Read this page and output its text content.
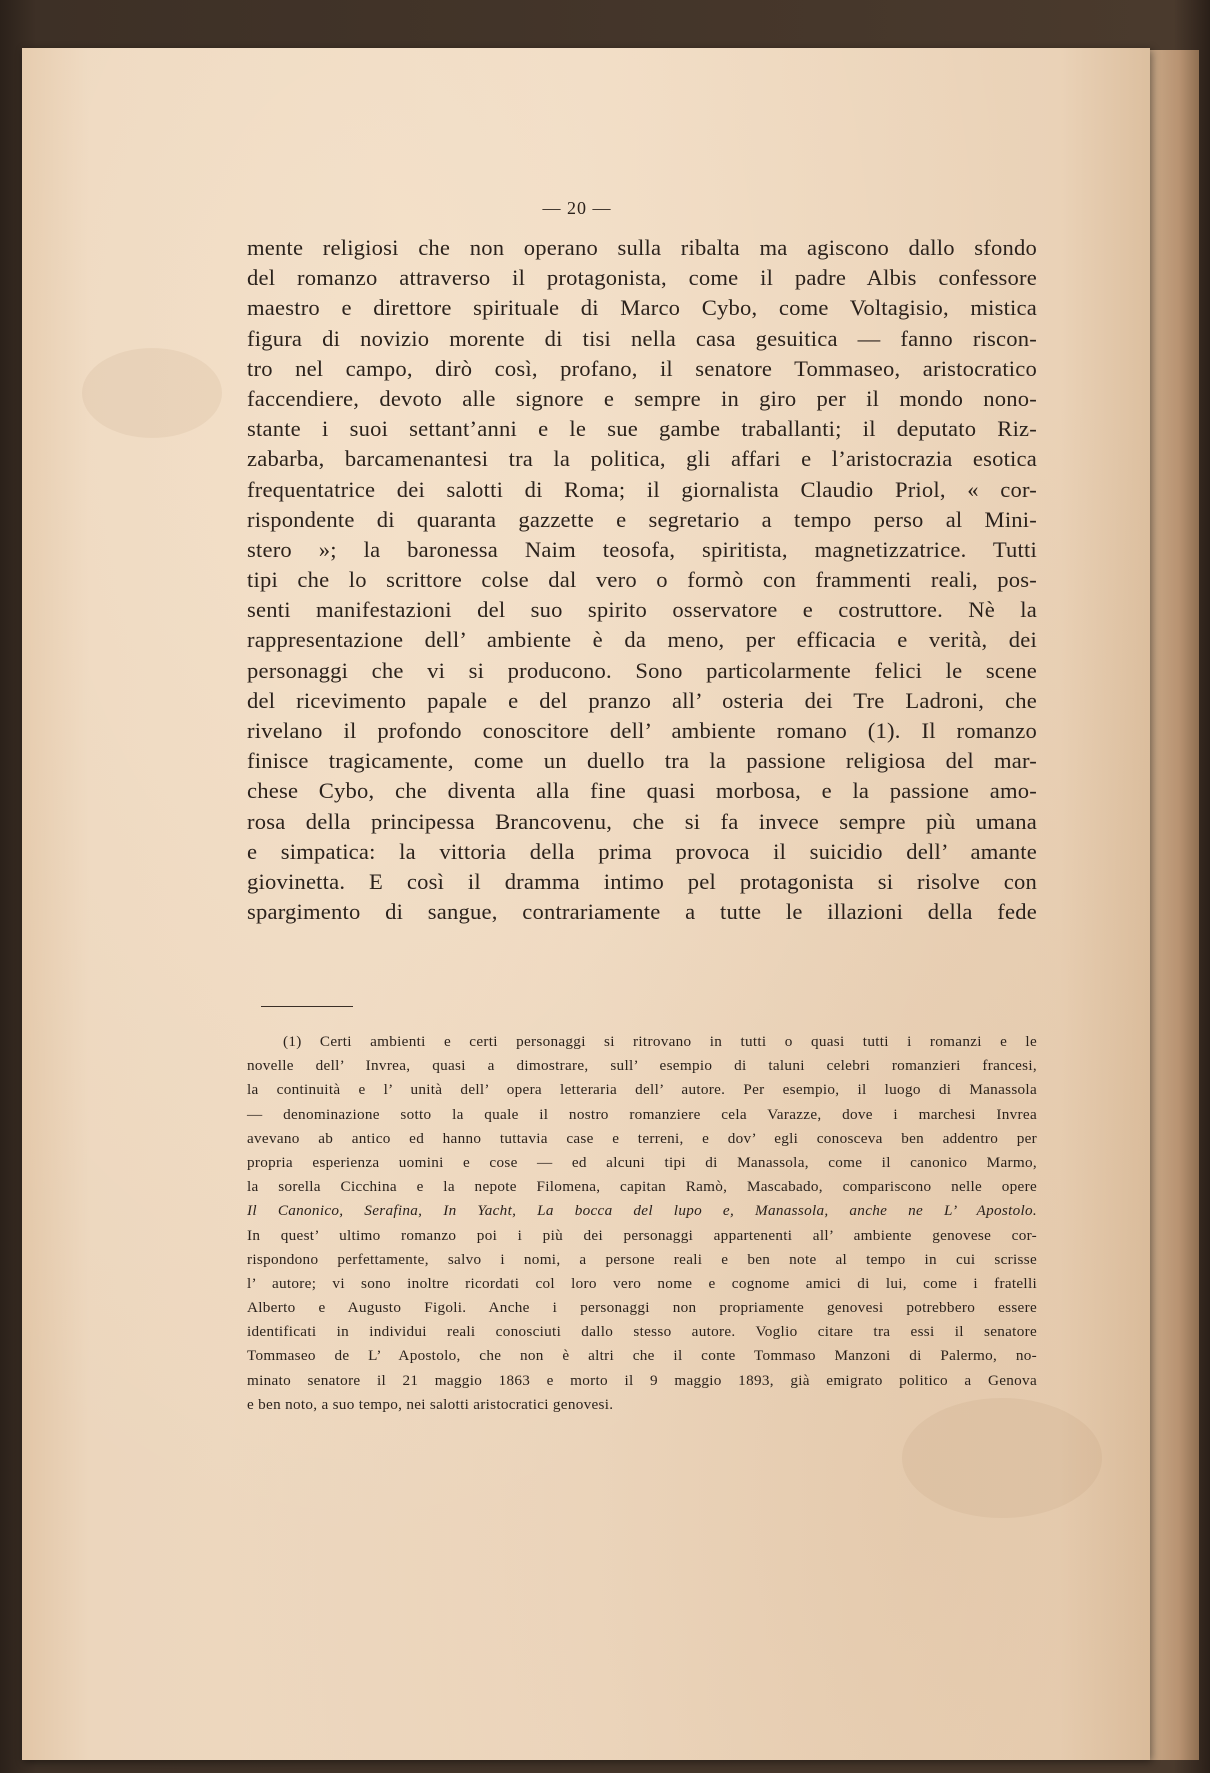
— 20 —
mente religiosi che non operano sulla ribalta ma agiscono dallo sfondo
del romanzo attraverso il protagonista, come il padre Albis confessore
maestro e direttore spirituale di Marco Cybo, come Voltagisio, mistica
figura di novizio morente di tisi nella casa gesuitica — fanno riscon-
tro nel campo, dirò così, profano, il senatore Tommaseo, aristocratico
faccendiere, devoto alle signore e sempre in giro per il mondo nono-
stante i suoi settant’anni e le sue gambe traballanti; il deputato Riz-
zabarba, barcamenantesi tra la politica, gli affari e l’aristocrazia esotica
frequentatrice dei salotti di Roma; il giornalista Claudio Priol, « cor-
rispondente di quaranta gazzette e segretario a tempo perso al Mini-
stero »; la baronessa Naim teosofa, spiritista, magnetizzatrice. Tutti
tipi che lo scrittore colse dal vero o formò con frammenti reali, pos-
senti manifestazioni del suo spirito osservatore e costruttore. Nè la
rappresentazione dell’ ambiente è da meno, per efficacia e verità, dei
personaggi che vi si producono. Sono particolarmente felici le scene
del ricevimento papale e del pranzo all’ osteria dei Tre Ladroni, che
rivelano il profondo conoscitore dell’ ambiente romano (1). Il romanzo
finisce tragicamente, come un duello tra la passione religiosa del mar-
chese Cybo, che diventa alla fine quasi morbosa, e la passione amo-
rosa della principessa Brancovenu, che si fa invece sempre più umana
e simpatica: la vittoria della prima provoca il suicidio dell’ amante
giovinetta. E così il dramma intimo pel protagonista si risolve con
spargimento di sangue, contrariamente a tutte le illazioni della fede
(1) Certi ambienti e certi personaggi si ritrovano in tutti o quasi tutti i romanzi e le
novelle dell’ Invrea, quasi a dimostrare, sull’ esempio di taluni celebri romanzieri francesi,
la continuità e l’ unità dell’ opera letteraria dell’ autore. Per esempio, il luogo di Manassola
— denominazione sotto la quale il nostro romanziere cela Varazze, dove i marchesi Invrea
avevano ab antico ed hanno tuttavia case e terreni, e dov’ egli conosceva ben addentro per
propria esperienza uomini e cose — ed alcuni tipi di Manassola, come il canonico Marmo,
la sorella Cicchina e la nepote Filomena, capitan Ramò, Mascabado, compariscono nelle opere
Il Canonico, Serafina, In Yacht, La bocca del lupo e, Manassola, anche ne L’ Apostolo.
In quest’ ultimo romanzo poi i più dei personaggi appartenenti all’ ambiente genovese cor-
rispondono perfettamente, salvo i nomi, a persone reali e ben note al tempo in cui scrisse
l’ autore; vi sono inoltre ricordati col loro vero nome e cognome amici di lui, come i fratelli
Alberto e Augusto Figoli. Anche i personaggi non propriamente genovesi potrebbero essere
identificati in individui reali conosciuti dallo stesso autore. Voglio citare tra essi il senatore
Tommaseo de L’ Apostolo, che non è altri che il conte Tommaso Manzoni di Palermo, no-
minato senatore il 21 maggio 1863 e morto il 9 maggio 1893, già emigrato politico a Genova
e ben noto, a suo tempo, nei salotti aristocratici genovesi.
